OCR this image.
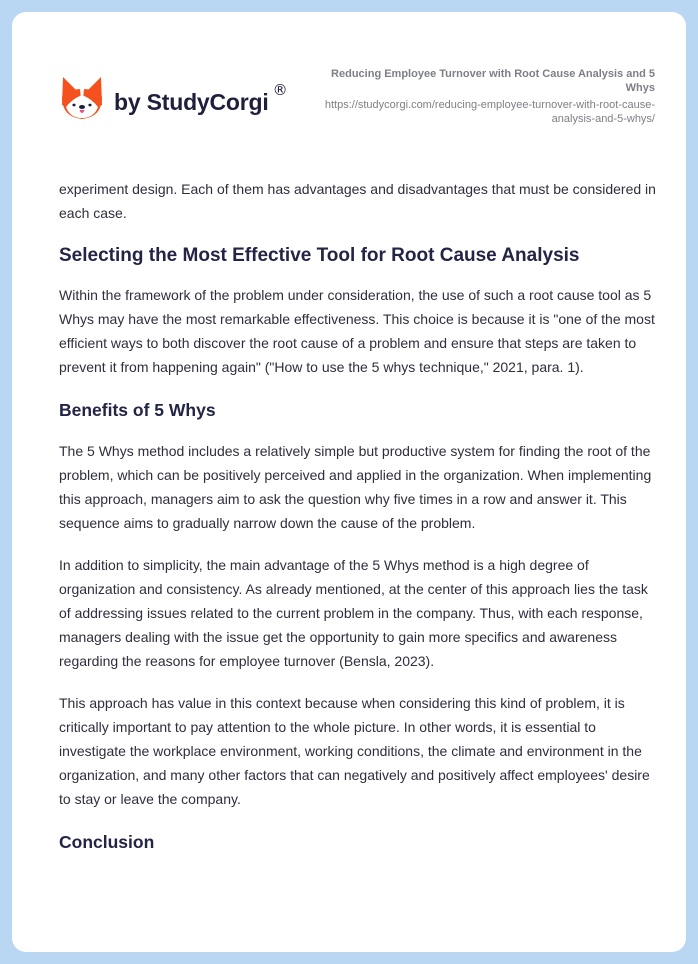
by StudyCorgi ®
Reducing Employee Turnover with Root Cause Analysis and 5 Whys
https://studycorgi.com/reducing-employee-turnover-with-root-cause-analysis-and-5-whys/

experiment design. Each of them has advantages and disadvantages that must be considered in each case.

Selecting the Most Effective Tool for Root Cause Analysis

Within the framework of the problem under consideration, the use of such a root cause tool as 5 Whys may have the most remarkable effectiveness. This choice is because it is "one of the most efficient ways to both discover the root cause of a problem and ensure that steps are taken to prevent it from happening again" ("How to use the 5 whys technique," 2021, para. 1).

Benefits of 5 Whys

The 5 Whys method includes a relatively simple but productive system for finding the root of the problem, which can be positively perceived and applied in the organization. When implementing this approach, managers aim to ask the question why five times in a row and answer it. This sequence aims to gradually narrow down the cause of the problem.

In addition to simplicity, the main advantage of the 5 Whys method is a high degree of organization and consistency. As already mentioned, at the center of this approach lies the task of addressing issues related to the current problem in the company. Thus, with each response, managers dealing with the issue get the opportunity to gain more specifics and awareness regarding the reasons for employee turnover (Bensla, 2023).

This approach has value in this context because when considering this kind of problem, it is critically important to pay attention to the whole picture. In other words, it is essential to investigate the workplace environment, working conditions, the climate and environment in the organization, and many other factors that can negatively and positively affect employees' desire to stay or leave the company.

Conclusion
